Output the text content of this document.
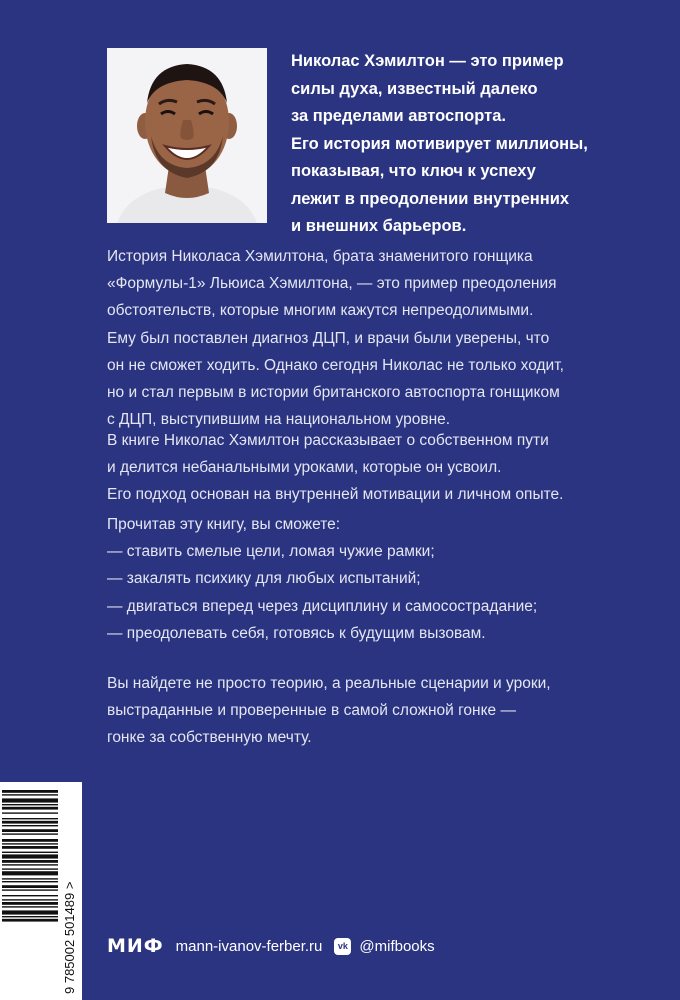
Николас Хэмилтон — это пример
силы духа, известный далеко
за пределами автоспорта.
Его история мотивирует миллионы,
показывая, что ключ к успеху
лежит в преодолении внутренних
и внешних барьеров.
История Николаса Хэмилтона, брата знаменитого гонщика
«Формулы-1» Льюиса Хэмилтона, — это пример преодоления
обстоятельств, которые многим кажутся непреодолимыми.
Ему был поставлен диагноз ДЦП, и врачи были уверены, что
он не сможет ходить. Однако сегодня Николас не только ходит,
но и стал первым в истории британского автоспорта гонщиком
с ДЦП, выступившим на национальном уровне.
В книге Николас Хэмилтон рассказывает о собственном пути
и делится небанальными уроками, которые он усвоил.
Его подход основан на внутренней мотивации и личном опыте.
Прочитав эту книгу, вы сможете:
— ставить смелые цели, ломая чужие рамки;
— закалять психику для любых испытаний;
— двигаться вперед через дисциплину и самосострадание;
— преодолевать себя, готовясь к будущим вызовам.
Вы найдете не просто теорию, а реальные сценарии и уроки,
выстраданные и проверенные в самой сложной гонке —
гонке за собственную мечту.
9 785002 501489 > МИФ mann-ivanov-ferber.ru	vk @mifbooks
